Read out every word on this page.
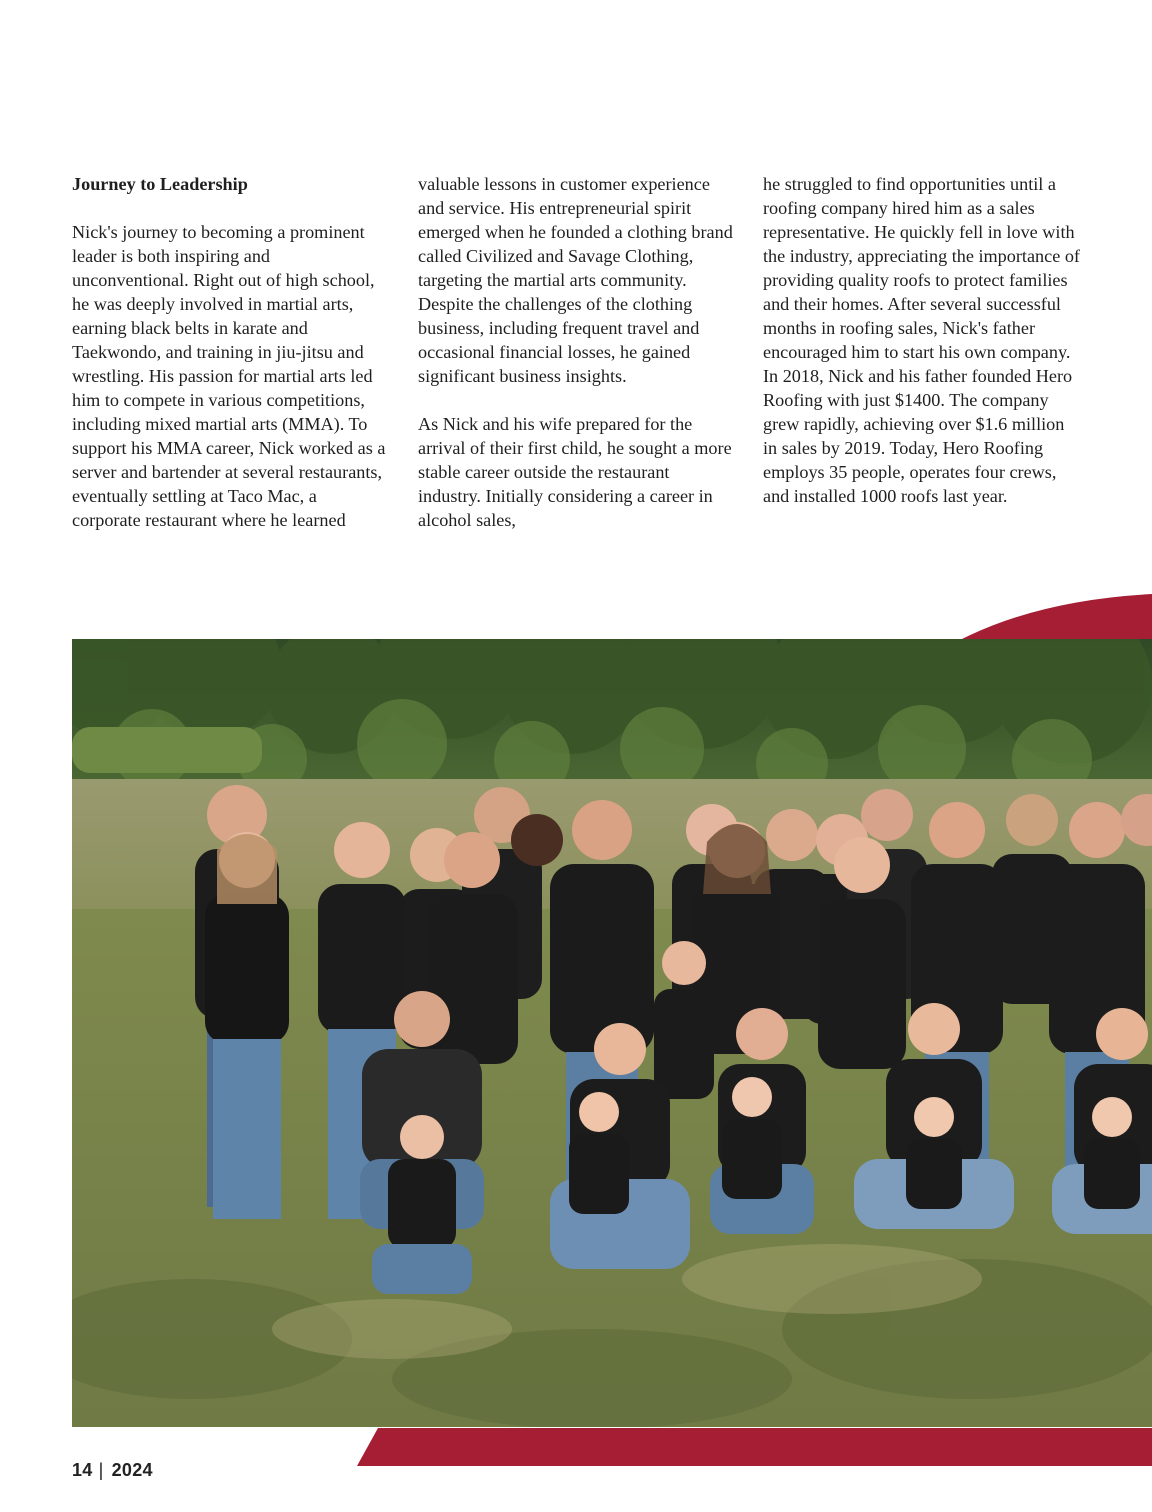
Journey to Leadership

Nick's journey to becoming a prominent leader is both inspiring and unconventional. Right out of high school, he was deeply involved in martial arts, earning black belts in karate and Taekwondo, and training in jiu-jitsu and wrestling. His passion for martial arts led him to compete in various competitions, including mixed martial arts (MMA). To support his MMA career, Nick worked as a server and bartender at several restaurants, eventually settling at Taco Mac, a corporate restaurant where he learned

valuable lessons in customer experience and service. His entrepreneurial spirit emerged when he founded a clothing brand called Civilized and Savage Clothing, targeting the martial arts community. Despite the challenges of the clothing business, including frequent travel and occasional financial losses, he gained significant business insights.

As Nick and his wife prepared for the arrival of their first child, he sought a more stable career outside the restaurant industry. Initially considering a career in alcohol sales,

he struggled to find opportunities until a roofing company hired him as a sales representative. He quickly fell in love with the industry, appreciating the importance of providing quality roofs to protect families and their homes. After several successful months in roofing sales, Nick's father encouraged him to start his own company. In 2018, Nick and his father founded Hero Roofing with just $1400. The company grew rapidly, achieving over $1.6 million in sales by 2019. Today, Hero Roofing employs 35 people, operates four crews, and installed 1000 roofs last year.

14 | 2024
